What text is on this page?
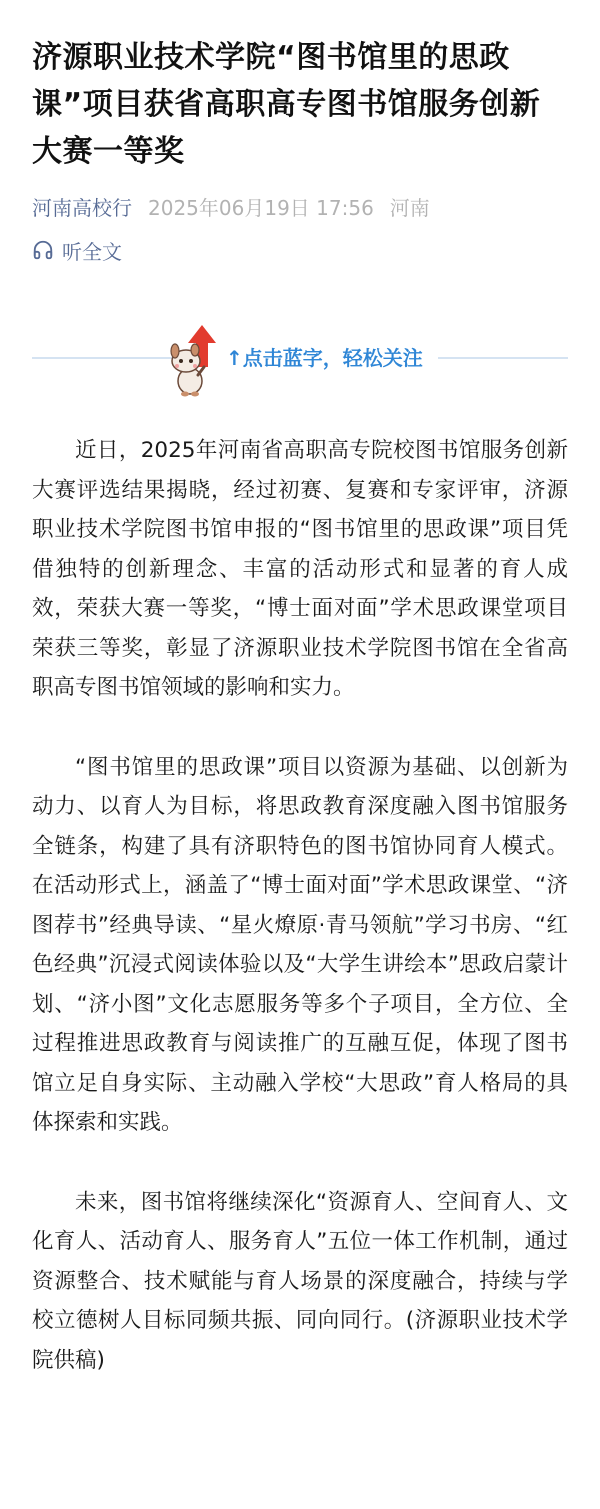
济源职业技术学院“图书馆里的思政课”项目获省高职高专图书馆服务创新大赛一等奖
河南高校行 2025年06月19日 17:56 河南
听全文
↑点击蓝字，轻松关注

近日，2025年河南省高职高专院校图书馆服务创新大赛评选结果揭晓，经过初赛、复赛和专家评审，济源职业技术学院图书馆申报的“图书馆里的思政课”项目凭借独特的创新理念、丰富的活动形式和显著的育人成效，荣获大赛一等奖，“博士面对面”学术思政课堂项目荣获三等奖，彰显了济源职业技术学院图书馆在全省高职高专图书馆领域的影响和实力。

“图书馆里的思政课”项目以资源为基础、以创新为动力、以育人为目标，将思政教育深度融入图书馆服务全链条，构建了具有济职特色的图书馆协同育人模式。在活动形式上，涵盖了“博士面对面”学术思政课堂、“济图荐书”经典导读、“星火燎原·青马领航”学习书房、“红色经典”沉浸式阅读体验以及“大学生讲绘本”思政启蒙计划、“济小图”文化志愿服务等多个子项目，全方位、全过程推进思政教育与阅读推广的互融互促，体现了图书馆立足自身实际、主动融入学校“大思政”育人格局的具体探索和实践。

未来，图书馆将继续深化“资源育人、空间育人、文化育人、活动育人、服务育人”五位一体工作机制，通过资源整合、技术赋能与育人场景的深度融合，持续与学校立德树人目标同频共振、同向同行。(济源职业技术学院供稿)
